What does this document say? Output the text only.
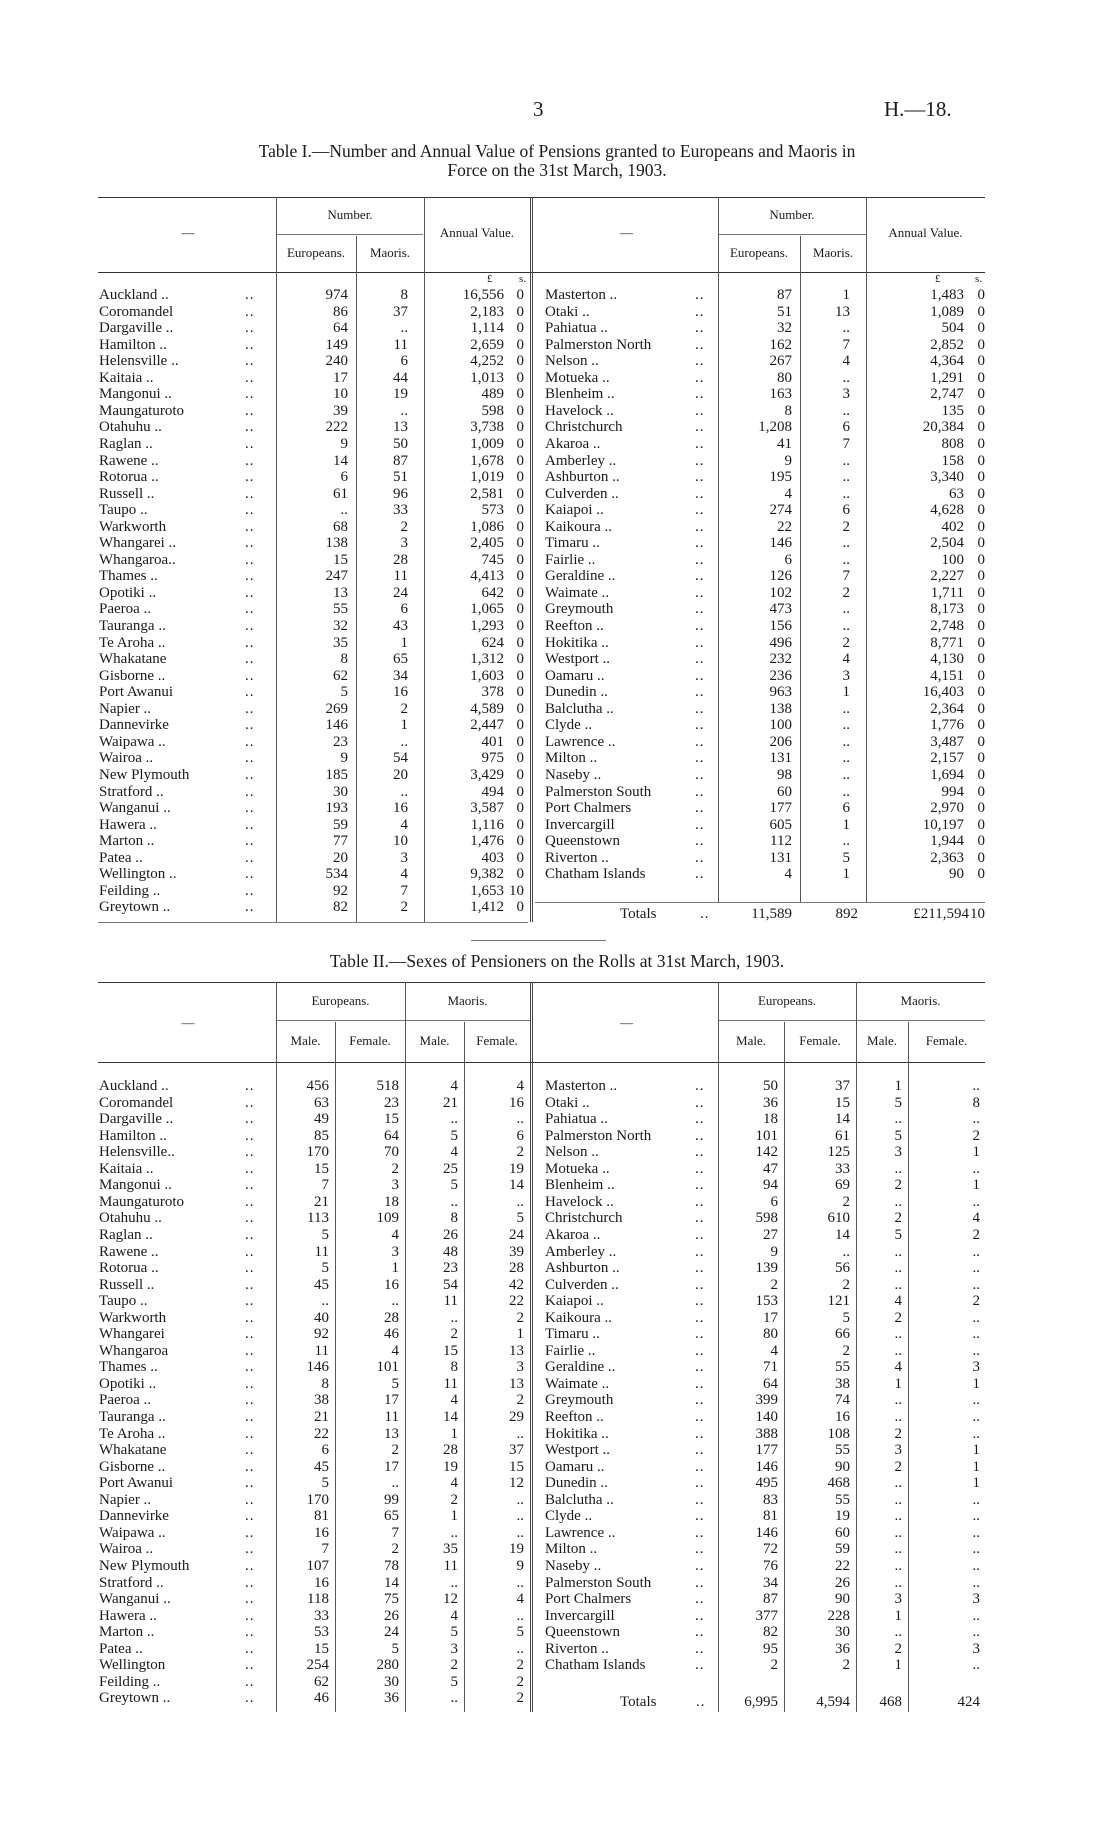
3	H.—18.
Table I.—Number and Annual Value of Pensions granted to Europeans and Maoris in
Force on the 31st March, 1903.
—
Number.
Europeans.	Maoris.
Annual Value.
£ s.
—
Number.
Europeans.	Maoris.
Annual Value.
£	s.
Auckland ..	..	974	8	16,556 0
Coromandel	..	86	37	2,183 0
Dargaville ..	..	64	..	1,114 0
Hamilton ..	..	149	11	2,659 0
Helensville ..	..	240	6	4,252 0
Kaitaia ..	..	17	44	1,013 0
Mangonui ..	..	10	19	489 0
Maungaturoto	..	39	..	598 0
Otahuhu ..	..	222	13	3,738 0
Raglan ..	..	9	50	1,009 0
Rawene ..	..	14	87	1,678 0
Rotorua ..	..	6	51	1,019 0
Russell ..	..	61	96	2,581 0
Taupo ..	..	..	33	573 0
Warkworth	..	68	2	1,086 0
Whangarei ..	..	138	3	2,405 0
Whangaroa..	..	15	28	745 0
Thames ..	..	247	11	4,413 0
Opotiki ..	..	13	24	642 0
Paeroa ..	..	55	6	1,065 0
Tauranga ..	..	32	43	1,293 0
Te Aroha ..	..	35	1	624 0
Whakatane	..	8	65	1,312 0
Gisborne ..	..	62	34	1,603 0
Port Awanui	..	5	16	378 0
Napier ..	..	269	2	4,589 0
Dannevirke	..	146	1	2,447 0
Waipawa ..	..	23	..	401 0
Wairoa ..	..	9	54	975 0
New Plymouth	..	185	20	3,429 0
Stratford ..	..	30	..	494 0
Wanganui ..	..	193	16	3,587 0
Hawera ..	..	59	4	1,116 0
Marton ..	..	77	10	1,476 0
Patea ..	..	20	3	403 0
Wellington ..	..	534	4	9,382 0
Feilding ..	..	92	7	1,653 10
Greytown ..	..	82	2	1,412 0
Masterton ..	..	87	1	1,483 0
Otaki ..	..	51	13	1,089 0
Pahiatua ..	..	32	..	504 0
Palmerston North	..	162	7	2,852 0
Nelson ..	..	267	4	4,364 0
Motueka ..	..	80	..	1,291 0
Blenheim ..	..	163	3	2,747 0
Havelock ..	..	8	..	135 0
Christchurch	..	1,208	6	20,384 0
Akaroa ..	..	41	7	808 0
Amberley ..	..	9	..	158 0
Ashburton ..	..	195	..	3,340 0
Culverden ..	..	4	..	63 0
Kaiapoi ..	..	274	6	4,628 0
Kaikoura ..	..	22	2	402 0
Timaru ..	..	146	..	2,504 0
Fairlie ..	..	6	..	100 0
Geraldine ..	..	126	7	2,227 0
Waimate ..	..	102	2	1,711 0
Greymouth	..	473	..	8,173 0
Reefton ..	..	156	..	2,748 0
Hokitika ..	..	496	2	8,771 0
Westport ..	..	232	4	4,130 0
Oamaru ..	..	236	3	4,151 0
Dunedin ..	..	963	1	16,403 0
Balclutha ..	..	138	..	2,364 0
Clyde ..	..	100	..	1,776 0
Lawrence ..	..	206	..	3,487 0
Milton ..	..	131	..	2,157 0
Naseby ..	..	98	..	1,694 0
Palmerston South	..	60	..	994 0
Port Chalmers	..	177	6	2,970 0
Invercargill	..	605	1	10,197 0
Queenstown	..	112	..	1,944 0
Riverton ..	..	131	5	2,363 0
Chatham Islands	..	4	1	90 0
Totals	..	11,589	892	£211,594 10
Table II.—Sexes of Pensioners on the Rolls at 31st March, 1903.
—
Europeans.	Maoris.
Male.	Female.	Male.	Female.
—
Europeans.	Maoris.
Male.	Female.	Male.	Female.
Auckland ..	..	456	518	4	4
Coromandel	..	63	23	21	16
Dargaville ..	..	49	15	..	..
Hamilton ..	..	85	64	5	6
Helensville..	..	170	70	4	2
Kaitaia ..	..	15	2	25	19
Mangonui ..	..	7	3	5	14
Maungaturoto	..	21	18	..	..
Otahuhu ..	..	113	109	8	5
Raglan ..	..	5	4	26	24
Rawene ..	..	11	3	48	39
Rotorua ..	..	5	1	23	28
Russell ..	..	45	16	54	42
Taupo ..	..	..	..	11	22
Warkworth	..	40	28	..	2
Whangarei	..	92	46	2	1
Whangaroa	..	11	4	15	13
Thames ..	..	146	101	8	3
Opotiki ..	..	8	5	11	13
Paeroa ..	..	38	17	4	2
Tauranga ..	..	21	11	14	29
Te Aroha ..	..	22	13	1	..
Whakatane	..	6	2	28	37
Gisborne ..	..	45	17	19	15
Port Awanui	..	5	..	4	12
Napier ..	..	170	99	2	..
Dannevirke	..	81	65	1	..
Waipawa ..	..	16	7	..	..
Wairoa ..	..	7	2	35	19
New Plymouth	..	107	78	11	9
Stratford ..	..	16	14	..	..
Wanganui ..	..	118	75	12	4
Hawera ..	..	33	26	4	..
Marton ..	..	53	24	5	5
Patea ..	..	15	5	3	..
Wellington	..	254	280	2	2
Feilding ..	..	62	30	5	2
Greytown ..	..	46	36	..	2
Masterton ..	..	50	37	1	..
Otaki ..	..	36	15	5	8
Pahiatua ..	..	18	14	..	..
Palmerston North	..	101	61	5	2
Nelson ..	..	142	125	3	1
Motueka ..	..	47	33	..	..
Blenheim ..	..	94	69	2	1
Havelock ..	..	6	2	..	..
Christchurch	..	598	610	2	4
Akaroa ..	..	27	14	5	2
Amberley ..	..	9	..	..	..
Ashburton ..	..	139	56	..	..
Culverden ..	..	2	2	..	..
Kaiapoi ..	..	153	121	4	2
Kaikoura ..	..	17	5	2	..
Timaru ..	..	80	66	..	..
Fairlie ..	..	4	2	..	..
Geraldine ..	..	71	55	4	3
Waimate ..	..	64	38	1	1
Greymouth	..	399	74	..	..
Reefton ..	..	140	16	..	..
Hokitika ..	..	388	108	2	..
Westport ..	..	177	55	3	1
Oamaru ..	..	146	90	2	1
Dunedin ..	..	495	468	..	1
Balclutha ..	..	83	55	..	..
Clyde ..	..	81	19	..	..
Lawrence ..	..	146	60	..	..
Milton ..	..	72	59	..	..
Naseby ..	..	76	22	..	..
Palmerston South	..	34	26	..	..
Port Chalmers	..	87	90	3	3
Invercargill	..	377	228	1	..
Queenstown	..	82	30	..	..
Riverton ..	..	95	36	2	3
Chatham Islands	..	2	2	1	..
Totals	..	6,995	4,594	468	424
